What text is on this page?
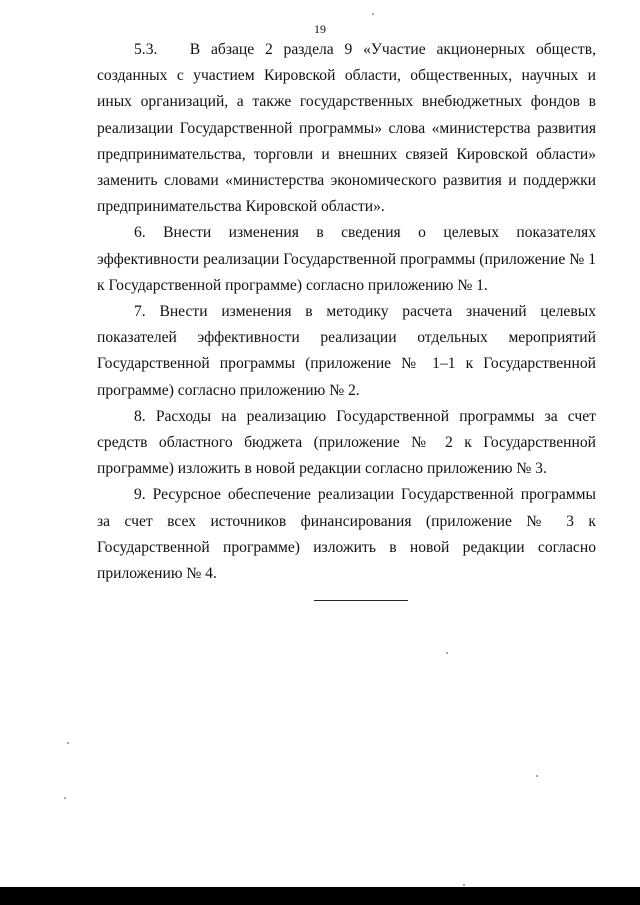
19

5.3.   В абзаце 2 раздела 9 «Участие акционерных обществ, созданных с участием Кировской области, общественных, научных и иных организаций, а также государственных внебюджетных фондов в реализации Государственной программы» слова «министерства развития предпринимательства, торговли и внешних связей Кировской области» заменить словами «министерства экономического развития и поддержки предпринимательства Кировской области».

6. Внести изменения в сведения о целевых показателях эффективности реализации Государственной программы (приложение № 1 к Государственной программе) согласно приложению № 1.

7. Внести изменения в методику расчета значений целевых показателей эффективности реализации отдельных мероприятий Государственной программы (приложение № 1–1 к Государственной программе) согласно приложению № 2.

8. Расходы на реализацию Государственной программы за счет средств областного бюджета (приложение № 2 к Государственной программе) изложить в новой редакции согласно приложению № 3.

9. Ресурсное обеспечение реализации Государственной программы за счет всех источников финансирования (приложение № 3 к Государственной программе) изложить в новой редакции согласно приложению № 4.
